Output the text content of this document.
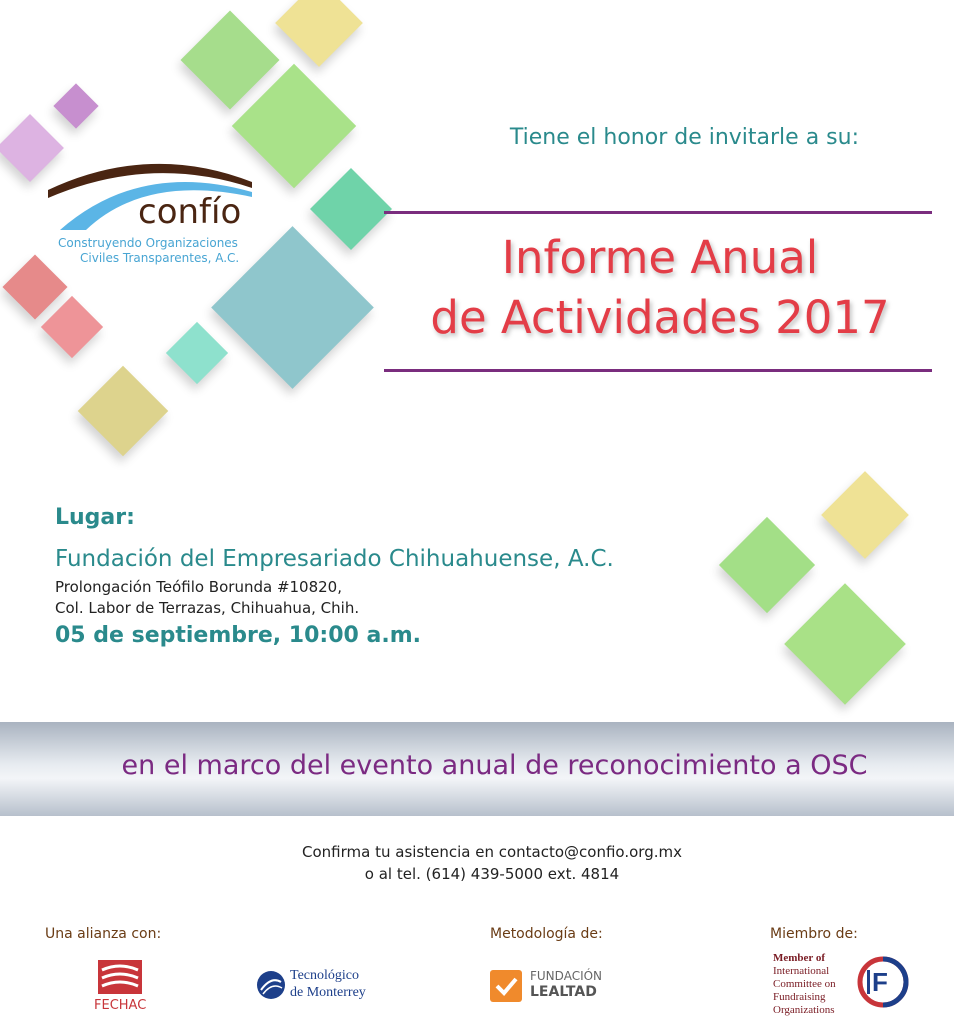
confío
Construyendo Organizaciones
Civiles Transparentes, A.C.
Tiene el honor de invitarle a su:
Informe Anual
de Actividades 2017
Lugar:
Fundación del Empresariado Chihuahuense, A.C.
Prolongación Teófilo Borunda #10820,
Col. Labor de Terrazas, Chihuahua, Chih.
05 de septiembre, 10:00 a.m.
en el marco del evento anual de reconocimiento a OSC
Confirma tu asistencia en contacto@confio.org.mx
o al tel. (614) 439-5000 ext. 4814
Una alianza con:	Metodología de:	Miembro de:
FECHAC
Tecnológico
de Monterrey
FUNDACIÓN
LEALTAD
Member of
International
Committee on
Fundraising
Organizations
F
